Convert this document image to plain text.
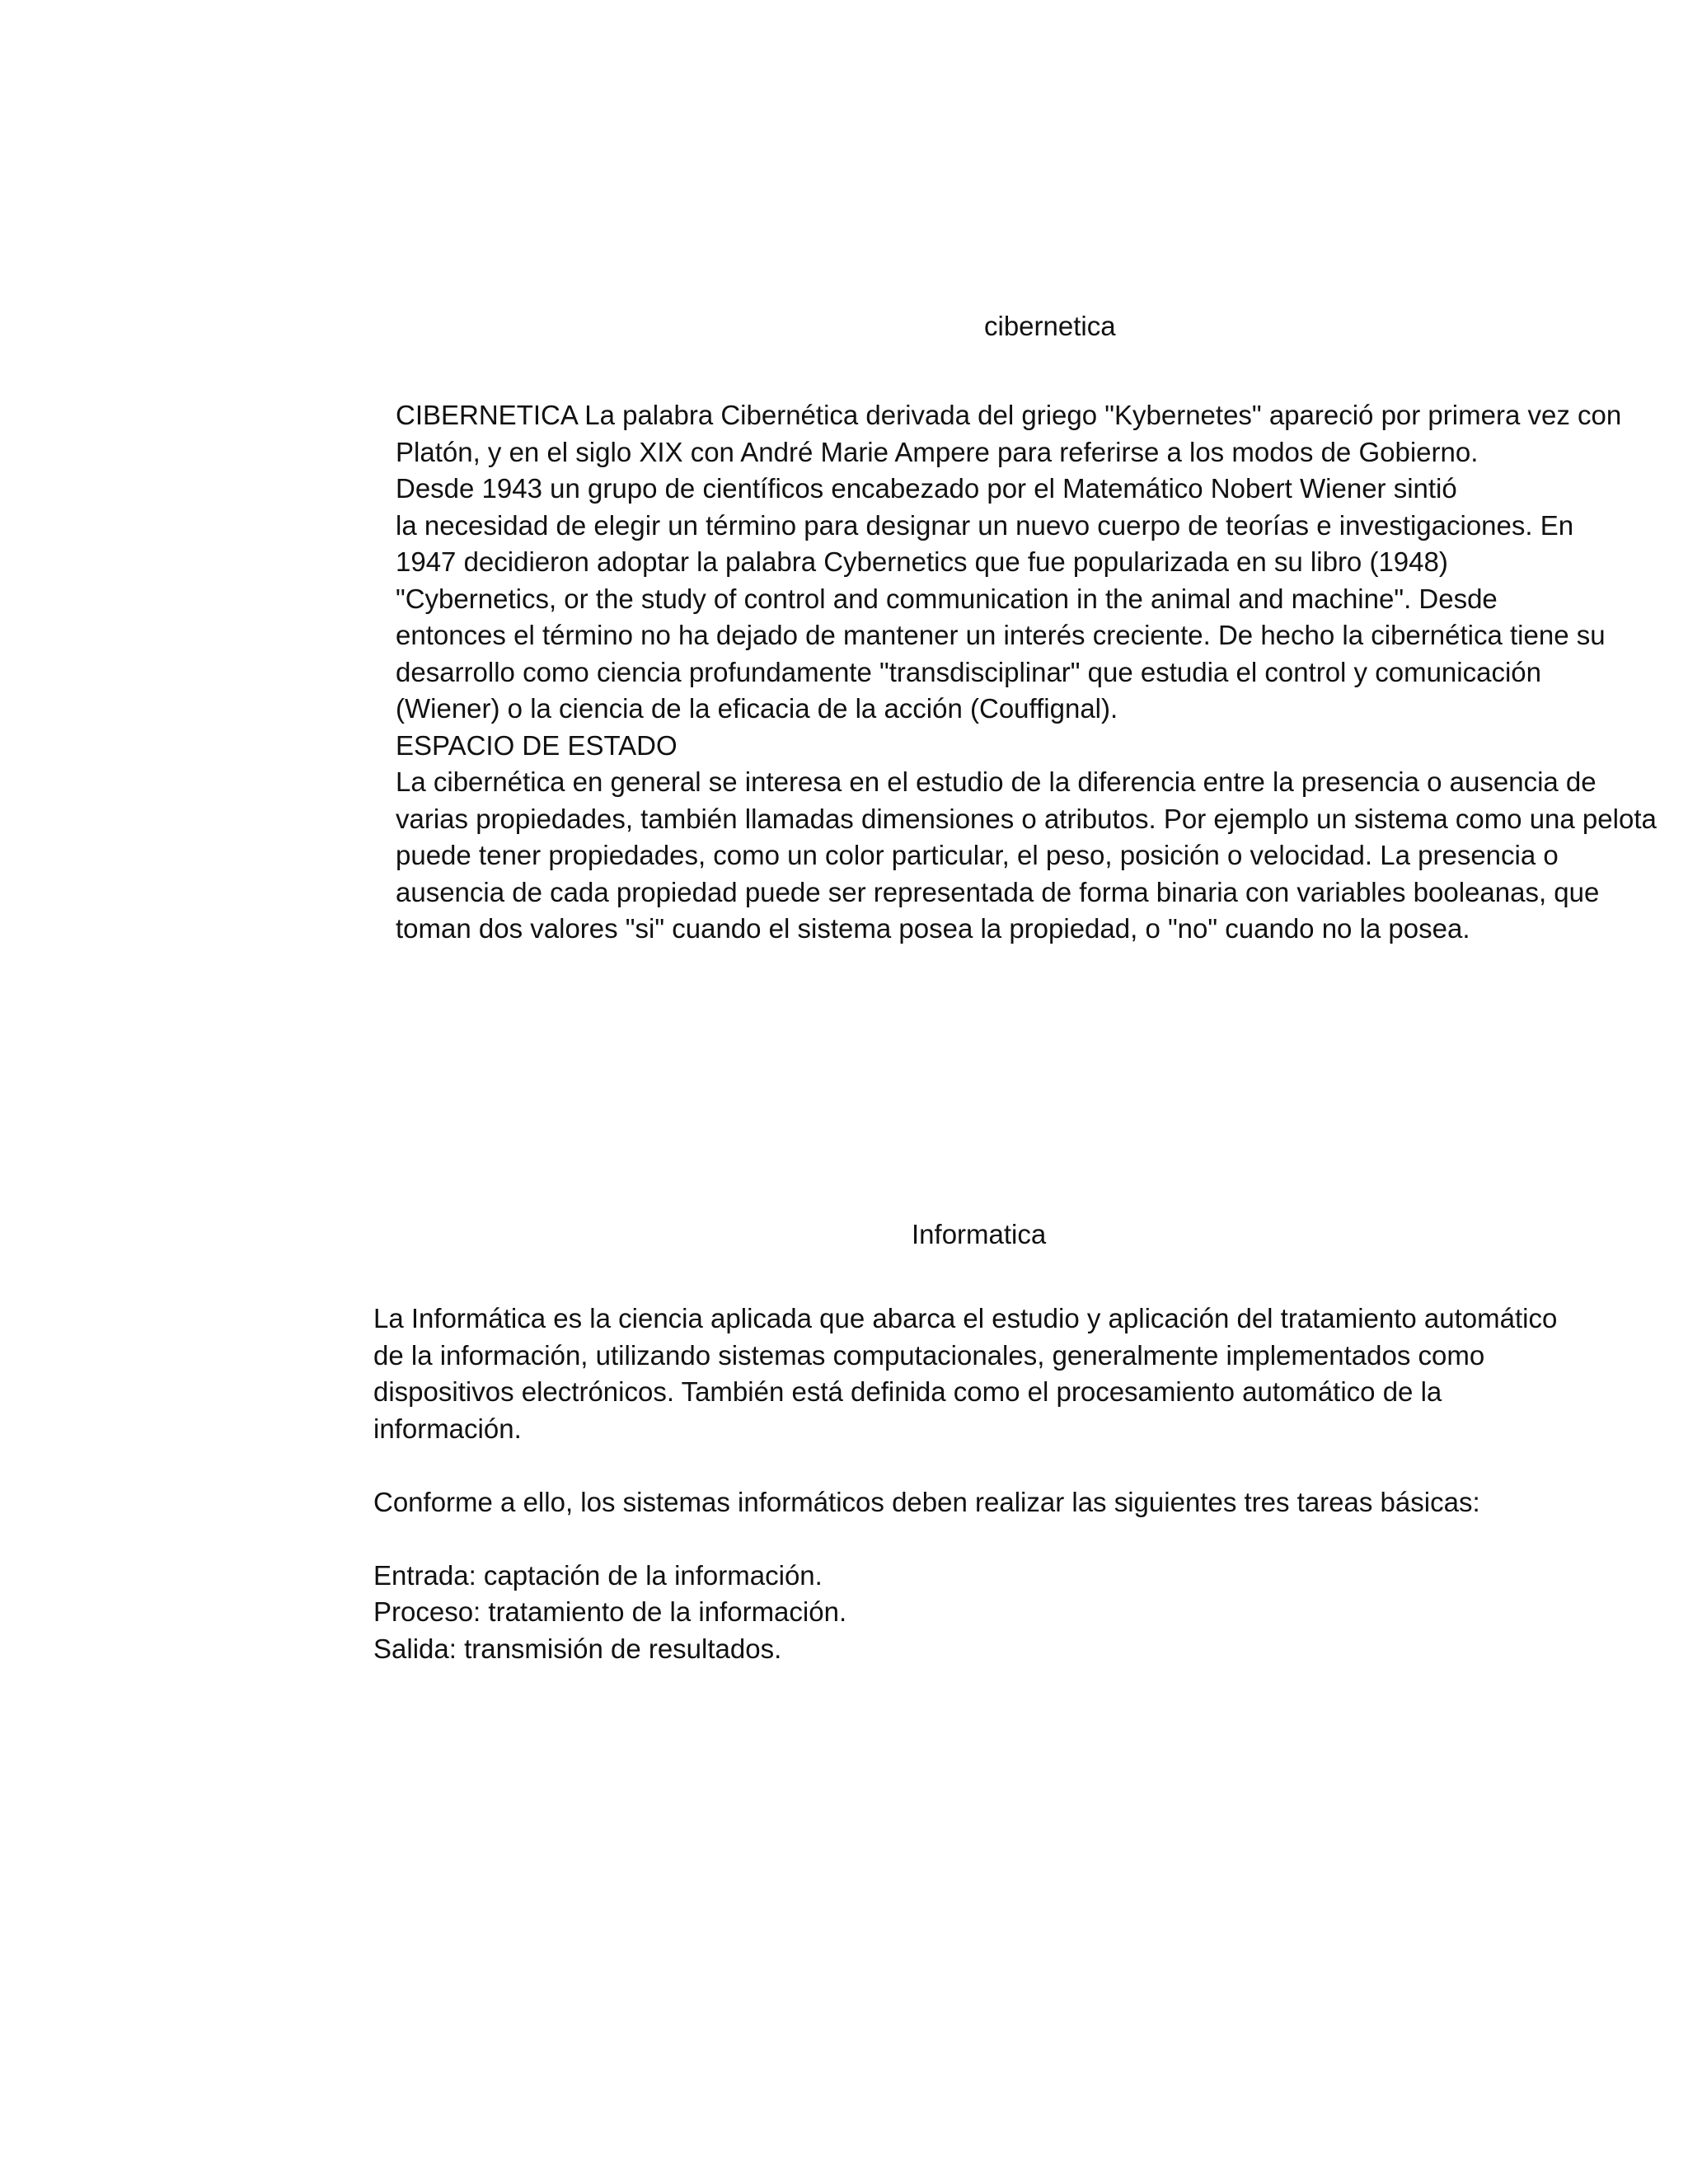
cibernetica
CIBERNETICA La palabra Cibernética derivada del griego "Kybernetes" apareció por primera vez con
Platón, y en el siglo XIX con André Marie Ampere para referirse a los modos de Gobierno.
Desde 1943 un grupo de científicos encabezado por el Matemático Nobert Wiener sintió
la necesidad de elegir un término para designar un nuevo cuerpo de teorías e investigaciones. En
1947 decidieron adoptar la palabra Cybernetics que fue popularizada en su libro (1948)
"Cybernetics, or the study of control and communication in the animal and machine". Desde
entonces el término no ha dejado de mantener un interés creciente. De hecho la cibernética tiene su
desarrollo como ciencia profundamente "transdisciplinar" que estudia el control y comunicación
(Wiener) o la ciencia de la eficacia de la acción (Couffignal).
ESPACIO DE ESTADO
La cibernética en general se interesa en el estudio de la diferencia entre la presencia o ausencia de
varias propiedades, también llamadas dimensiones o atributos. Por ejemplo un sistema como una pelota
puede tener propiedades, como un color particular, el peso, posición o velocidad. La presencia o
ausencia de cada propiedad puede ser representada de forma binaria con variables booleanas, que
toman dos valores "si" cuando el sistema posea la propiedad, o "no" cuando no la posea.
Informatica
La Informática es la ciencia aplicada que abarca el estudio y aplicación del tratamiento automático
de la información, utilizando sistemas computacionales, generalmente implementados como
dispositivos electrónicos. También está definida como el procesamiento automático de la
información.
Conforme a ello, los sistemas informáticos deben realizar las siguientes tres tareas básicas:
Entrada: captación de la información.
Proceso: tratamiento de la información.
Salida: transmisión de resultados.
